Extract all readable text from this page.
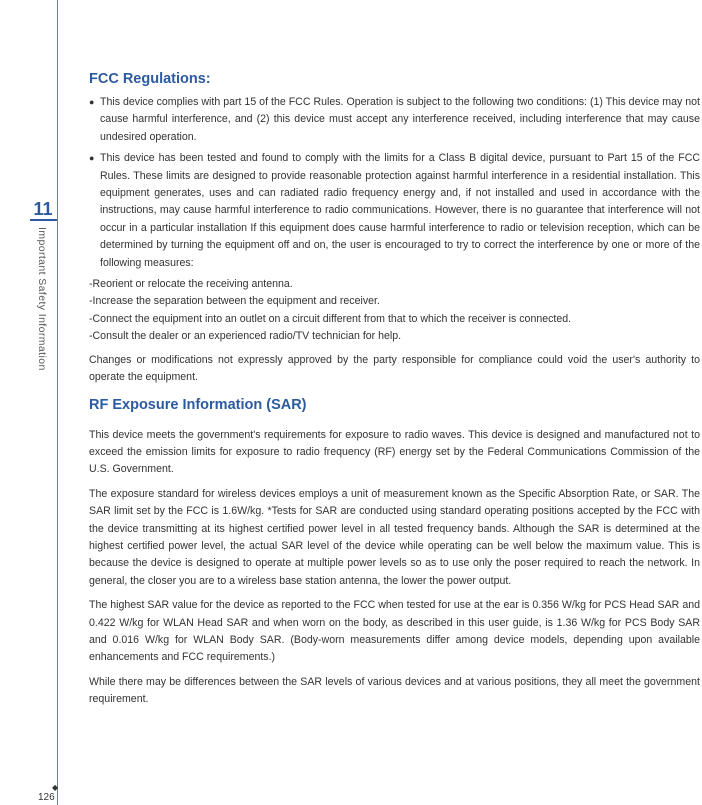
11
Important Safety Information
◆
126
FCC Regulations:
● This device complies with part 15 of the FCC Rules. Operation is subject to the following two conditions: (1) This device may not cause harmful interference, and (2) this device must accept any interference received, including interference that may cause undesired operation.
● This device has been tested and found to comply with the limits for a Class B digital device, pursuant to Part 15 of the FCC Rules. These limits are designed to provide reasonable protection against harmful interference in a residential installation. This equipment generates, uses and can radiated radio frequency energy and, if not installed and used in accordance with the instructions, may cause harmful interference to radio communications. However, there is no guarantee that interference will not occur in a particular installation If this equipment does cause harmful interference to radio or television reception, which can be determined by turning the equipment off and on, the user is encouraged to try to correct the interference by one or more of the following measures:
-Reorient or relocate the receiving antenna.
-Increase the separation between the equipment and receiver.
-Connect the equipment into an outlet on a circuit different from that to which the receiver is connected.
-Consult the dealer or an experienced radio/TV technician for help.

Changes or modifications not expressly approved by the party responsible for compliance could void the user's authority to operate the equipment.

RF Exposure Information (SAR)

This device meets the government's requirements for exposure to radio waves. This device is designed and manufactured not to exceed the emission limits for exposure to radio frequency (RF) energy set by the Federal Communications Commission of the U.S. Government.

The exposure standard for wireless devices employs a unit of measurement known as the Specific Absorption Rate, or SAR. The SAR limit set by the FCC is 1.6W/kg. *Tests for SAR are conducted using standard operating positions accepted by the FCC with the device transmitting at its highest certified power level in all tested frequency bands. Although the SAR is determined at the highest certified power level, the actual SAR level of the device while operating can be well below the maximum value. This is because the device is designed to operate at multiple power levels so as to use only the poser required to reach the network. In general, the closer you are to a wireless base station antenna, the lower the power output.

The highest SAR value for the device as reported to the FCC when tested for use at the ear is 0.356 W/kg for PCS Head SAR and 0.422 W/kg for WLAN Head SAR and when worn on the body, as described in this user guide, is 1.36 W/kg for PCS Body SAR and 0.016 W/kg for WLAN Body SAR. (Body-worn measurements differ among device models, depending upon available enhancements and FCC requirements.)

While there may be differences between the SAR levels of various devices and at various positions, they all meet the government requirement.
